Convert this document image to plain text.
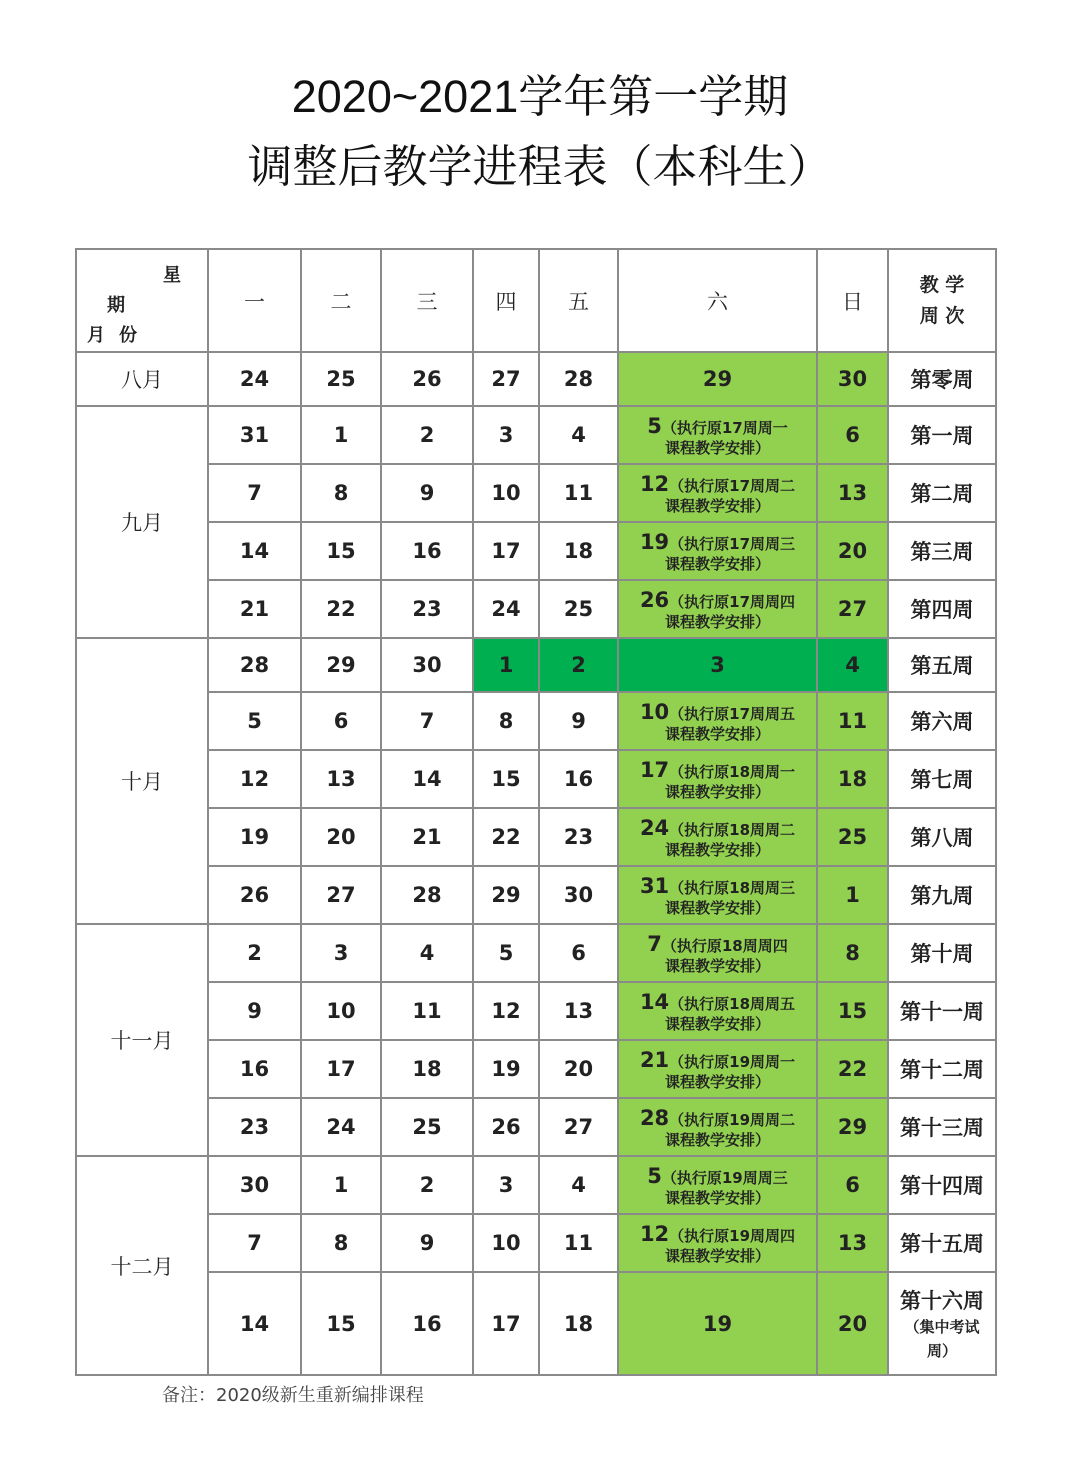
2020~2021学年第一学期
调整后教学进程表（本科生）
星
期
月 份
	一	二	三	四	五	六	日	
教 学
周 次

八月	24	25	26	27	28	29	30	第零周
九月	31	1	2	3	4	5（执行原17周周一
课程教学安排）	6	第一周
	7	8	9	10	11	12（执行原17周周二
课程教学安排）	13	第二周
	14	15	16	17	18	19（执行原17周周三
课程教学安排）	20	第三周
	21	22	23	24	25	26（执行原17周周四
课程教学安排）	27	第四周
十月	28	29	30	1	2	3	4	第五周
	5	6	7	8	9	10（执行原17周周五
课程教学安排）	11	第六周
	12	13	14	15	16	17（执行原18周周一
课程教学安排）	18	第七周
	19	20	21	22	23	24（执行原18周周二
课程教学安排）	25	第八周
	26	27	28	29	30	31（执行原18周周三
课程教学安排）	1	第九周
十一月	2	3	4	5	6	7（执行原18周周四
课程教学安排）	8	第十周
	9	10	11	12	13	14（执行原18周周五
课程教学安排）	15	第十一周
	16	17	18	19	20	21（执行原19周周一
课程教学安排）	22	第十二周
	23	24	25	26	27	28（执行原19周周二
课程教学安排）	29	第十三周
十二月	30	1	2	3	4	5（执行原19周周三
课程教学安排）	6	第十四周
	7	8	9	10	11	12（执行原19周周四
课程教学安排）	13	第十五周
	14	15	16	17	18	19	20	第十六周
（集中考试
周）
备注：2020级新生重新编排课程
